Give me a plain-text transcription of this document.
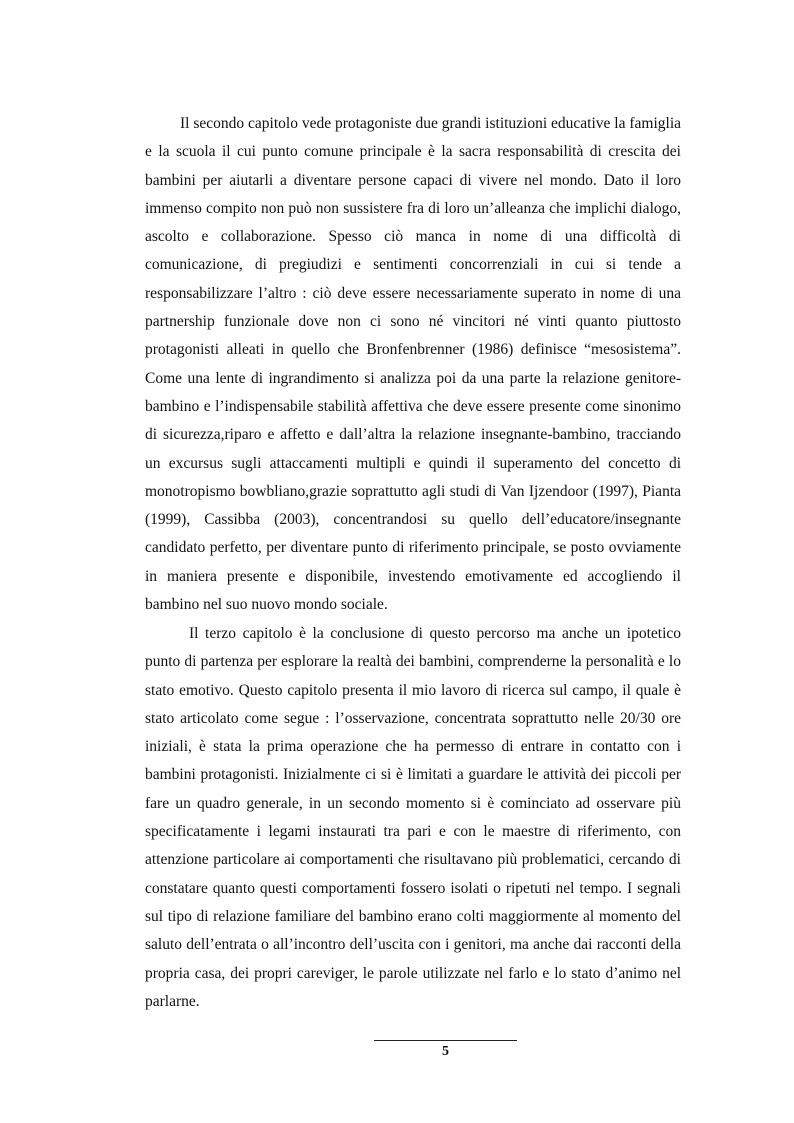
Il secondo capitolo vede protagoniste due grandi istituzioni educative la famiglia e la scuola il cui punto comune principale è la sacra responsabilità di crescita dei bambini per aiutarli a diventare persone capaci di vivere nel mondo. Dato il loro immenso compito non può non sussistere fra di loro un’alleanza che implichi dialogo, ascolto e collaborazione. Spesso ciò manca in nome di una difficoltà di comunicazione, di pregiudizi e sentimenti concorrenziali in cui si tende a responsabilizzare l’altro : ciò deve essere necessariamente superato in nome di una partnership funzionale dove non ci sono né vincitori né vinti quanto piuttosto protagonisti alleati in quello che Bronfenbrenner (1986) definisce “mesosistema”. Come una lente di ingrandimento si analizza poi da una parte la relazione genitore-bambino e l’indispensabile stabilità affettiva che deve essere presente come sinonimo di sicurezza,riparo e affetto e dall’altra la relazione insegnante-bambino, tracciando un excursus sugli attaccamenti multipli e quindi il superamento del concetto di monotropismo bowbliano,grazie soprattutto agli studi di Van Ijzendoor (1997), Pianta (1999), Cassibba (2003), concentrandosi su quello dell’educatore/insegnante candidato perfetto, per diventare punto di riferimento principale, se posto ovviamente in maniera presente e disponibile, investendo emotivamente ed accogliendo il bambino nel suo nuovo mondo sociale.

Il terzo capitolo è la conclusione di questo percorso ma anche un ipotetico punto di partenza per esplorare la realtà dei bambini, comprenderne la personalità e lo stato emotivo. Questo capitolo presenta il mio lavoro di ricerca sul campo, il quale è stato articolato come segue : l’osservazione, concentrata soprattutto nelle 20/30 ore iniziali, è stata la prima operazione che ha permesso di entrare in contatto con i bambini protagonisti. Inizialmente ci si è limitati a guardare le attività dei piccoli per fare un quadro generale, in un secondo momento si è cominciato ad osservare più specificatamente i legami instaurati tra pari e con le maestre di riferimento, con attenzione particolare ai comportamenti che risultavano più problematici, cercando di constatare quanto questi comportamenti fossero isolati o ripetuti nel tempo. I segnali sul tipo di relazione familiare del bambino erano colti maggiormente al momento del saluto dell’entrata o all’incontro dell’uscita con i genitori, ma anche dai racconti della propria casa, dei propri careviger, le parole utilizzate nel farlo e lo stato d’animo nel parlarne.

5
